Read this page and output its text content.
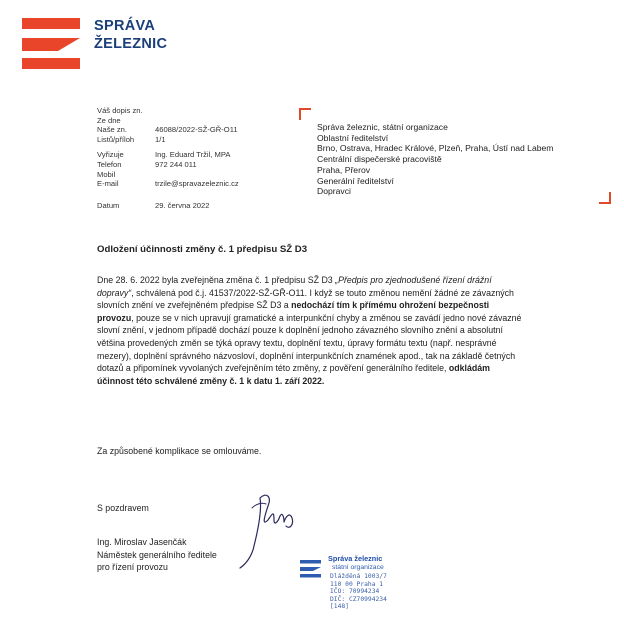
SPRÁVA
ŽELEZNIC
Váš dopis zn.
Ze dne
Naše zn.	46088/2022-SŽ-GŘ-O11
Listů/příloh	1/1
Vyřizuje	Ing. Eduard Tržil, MPA
Telefon	972 244 011
Mobil
E-mail	trzile@spravazeleznic.cz
Datum	29. června 2022
Správa železnic, státní organizace
Oblastní ředitelství
Brno, Ostrava, Hradec Králové, Plzeň, Praha, Ústí nad Labem
Centrální dispečerské pracoviště
Praha, Přerov
Generální ředitelství
Dopravci
Odložení účinnosti změny č. 1 předpisu SŽ D3
Dne 28. 6. 2022 byla zveřejněna změna č. 1 předpisu SŽ D3 „Předpis pro zjednodušené řízení drážní dopravy“, schválená pod č.j. 41537/2022-SŽ-GŘ-O11. I když se touto změnou nemění žádné ze závazných slovních znění ve zveřejněném předpise SŽ D3 a nedochází tím k přímému ohrožení bezpečnosti provozu, pouze se v nich upravují gramatické a interpunkční chyby a změnou se zavádí jedno nové závazné slovní znění, v jednom případě dochází pouze k doplnění jednoho závazného slovního znění a absolutní většina provedených změn se týká opravy textu, doplnění textu, úpravy formátu textu (např. nesprávné mezery), doplnění správného názvosloví, doplnění interpunkčních znamének apod., tak na základě četných dotazů a připomínek vyvolaných zveřejněním této změny, z pověření generálního ředitele, odkládám účinnost této schválené změny č. 1 k datu 1. září 2022.
Za způsobené komplikace se omlouváme.
S pozdravem
Ing. Miroslav Jasenčák
Náměstek generálního ředitele
pro řízení provozu
Správa železnic
státní organizace
Dlážděná 1003/7
110 00 Praha 1
IČO: 70994234
DIČ: CZ70994234
[148]
